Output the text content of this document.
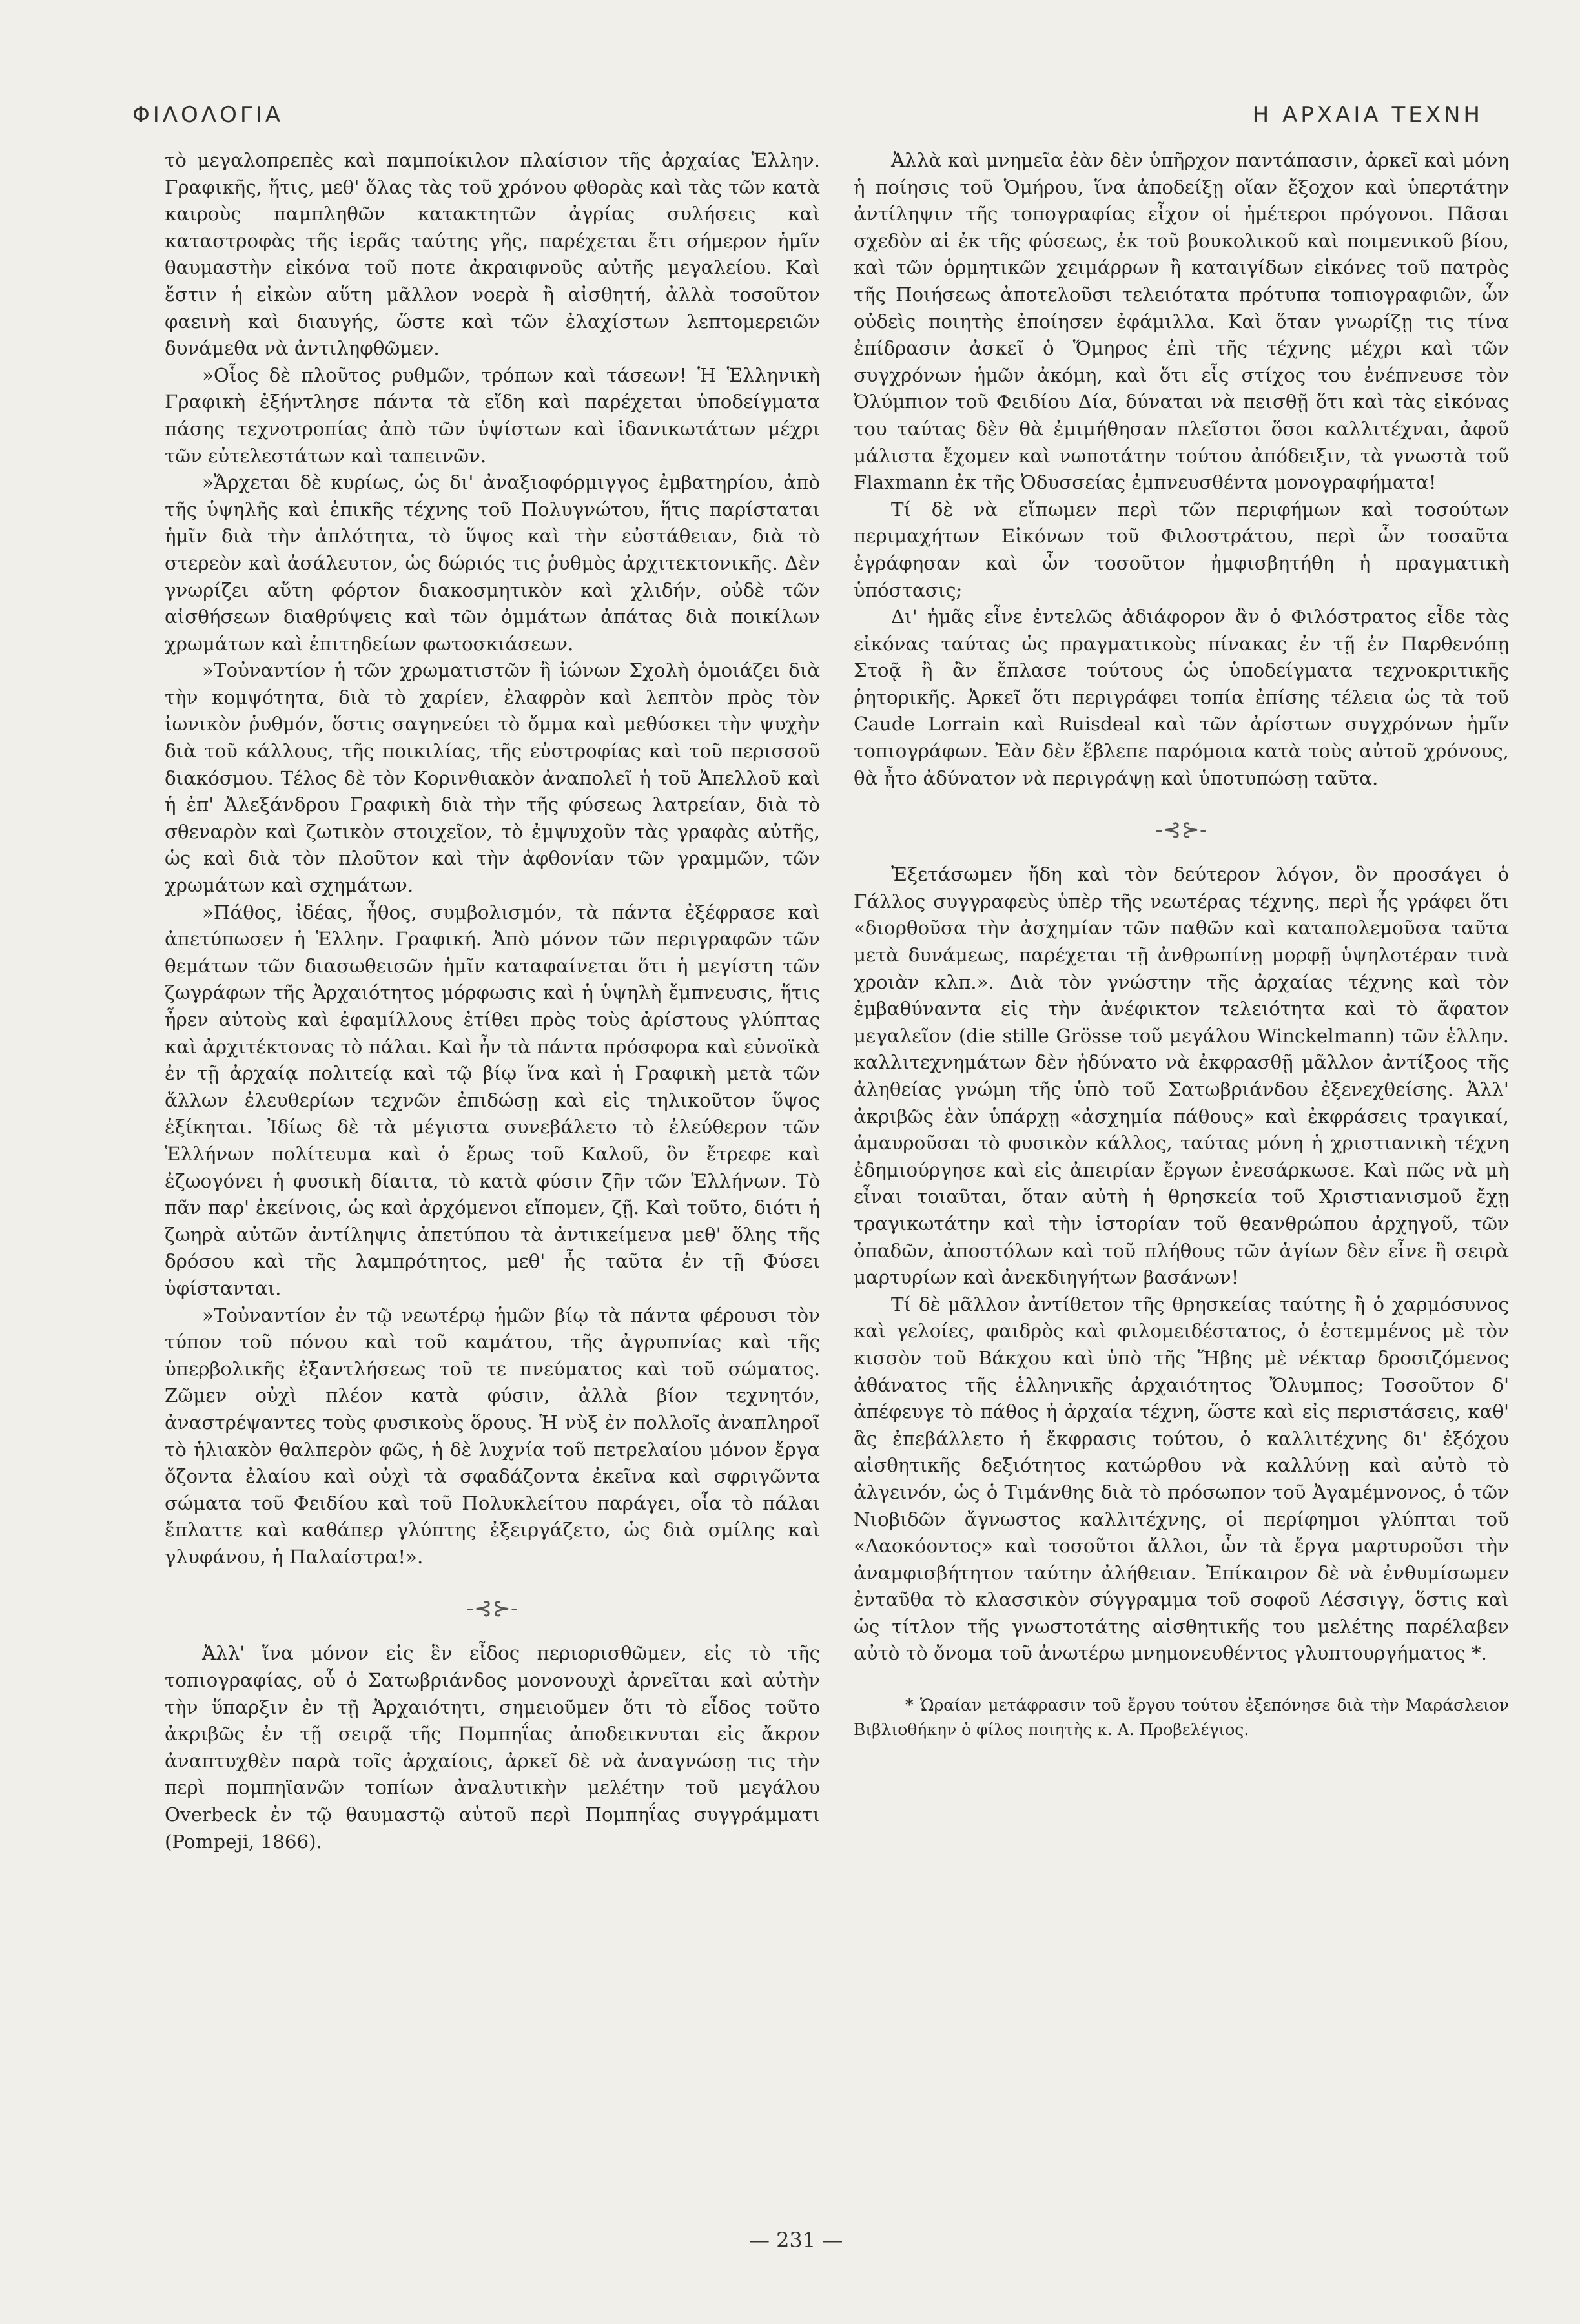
ΦΙΛΟΛΟΓΙΑ	Η ΑΡΧΑΙΑ ΤΕΧΝΗ

τὸ μεγαλοπρεπὲς καὶ παμποίκιλον πλαίσιον τῆς ἀρχαίας Ἑλλην. Γραφικῆς, ἥτις, μεθ' ὅλας τὰς τοῦ χρόνου φθορὰς καὶ τὰς τῶν κατὰ καιροὺς παμπληθῶν κατακτητῶν ἀγρίας συλήσεις καὶ καταστροφὰς τῆς ἱερᾶς ταύτης γῆς, παρέχεται ἔτι σήμερον ἡμῖν θαυμαστὴν εἰκόνα τοῦ ποτε ἀκραιφνοῦς αὐτῆς μεγαλείου. Καὶ ἔστιν ἡ εἰκὼν αὕτη μᾶλλον νοερὰ ἢ αἰσθητή, ἀλλὰ τοσοῦτον φαεινὴ καὶ διαυγής, ὥστε καὶ τῶν ἐλαχίστων λεπτομερειῶν δυνάμεθα νὰ ἀντιληφθῶμεν.

»Οἷος δὲ πλοῦτος ρυθμῶν, τρόπων καὶ τάσεων! Ἡ Ἑλληνικὴ Γραφικὴ ἐξήντλησε πάντα τὰ εἴδη καὶ παρέχεται ὑποδείγματα πάσης τεχνοτροπίας ἀπὸ τῶν ὑψίστων καὶ ἰδανικωτάτων μέχρι τῶν εὐτελεστάτων καὶ ταπεινῶν.

»Ἄρχεται δὲ κυρίως, ὡς δι' ἀναξιοφόρμιγγος ἐμβατηρίου, ἀπὸ τῆς ὑψηλῆς καὶ ἐπικῆς τέχνης τοῦ Πολυγνώτου, ἥτις παρίσταται ἡμῖν διὰ τὴν ἁπλότητα, τὸ ὕψος καὶ τὴν εὐστάθειαν, διὰ τὸ στερεὸν καὶ ἀσάλευτον, ὡς δώριός τις ῥυθμὸς ἀρχιτεκτονικῆς. Δὲν γνωρίζει αὕτη φόρτον διακοσμητικὸν καὶ χλιδήν, οὐδὲ τῶν αἰσθήσεων διαθρύψεις καὶ τῶν ὀμμάτων ἀπάτας διὰ ποικίλων χρωμάτων καὶ ἐπιτηδείων φωτοσκιάσεων.

»Τοὐναντίον ἡ τῶν χρωματιστῶν ἢ ἰώνων Σχολὴ ὁμοιάζει διὰ τὴν κομψότητα, διὰ τὸ χαρίεν, ἐλαφρὸν καὶ λεπτὸν πρὸς τὸν ἰωνικὸν ῥυθμόν, ὅστις σαγηνεύει τὸ ὄμμα καὶ μεθύσκει τὴν ψυχὴν διὰ τοῦ κάλλους, τῆς ποικιλίας, τῆς εὐστροφίας καὶ τοῦ περισσοῦ διακόσμου. Τέλος δὲ τὸν Κορινθιακὸν ἀναπολεῖ ἡ τοῦ Ἀπελλοῦ καὶ ἡ ἐπ' Ἀλεξάνδρου Γραφικὴ διὰ τὴν τῆς φύσεως λατρείαν, διὰ τὸ σθεναρὸν καὶ ζωτικὸν στοιχεῖον, τὸ ἐμψυχοῦν τὰς γραφὰς αὐτῆς, ὡς καὶ διὰ τὸν πλοῦτον καὶ τὴν ἀφθονίαν τῶν γραμμῶν, τῶν χρωμάτων καὶ σχημάτων.

»Πάθος, ἰδέας, ἦθος, συμβολισμόν, τὰ πάντα ἐξέφρασε καὶ ἀπετύπωσεν ἡ Ἑλλην. Γραφική. Ἀπὸ μόνον τῶν περιγραφῶν τῶν θεμάτων τῶν διασωθεισῶν ἡμῖν καταφαίνεται ὅτι ἡ μεγίστη τῶν ζωγράφων τῆς Ἀρχαιότητος μόρφωσις καὶ ἡ ὑψηλὴ ἔμπνευσις, ἥτις ἦρεν αὐτοὺς καὶ ἐφαμίλλους ἐτίθει πρὸς τοὺς ἀρίστους γλύπτας καὶ ἀρχιτέκτονας τὸ πάλαι. Καὶ ἦν τὰ πάντα πρόσφορα καὶ εὐνοϊκὰ ἐν τῇ ἀρχαίᾳ πολιτείᾳ καὶ τῷ βίῳ ἵνα καὶ ἡ Γραφικὴ μετὰ τῶν ἄλλων ἐλευθερίων τεχνῶν ἐπιδώσῃ καὶ εἰς τηλικοῦτον ὕψος ἐξίκηται. Ἰδίως δὲ τὰ μέγιστα συνεβάλετο τὸ ἐλεύθερον τῶν Ἑλλήνων πολίτευμα καὶ ὁ ἔρως τοῦ Καλοῦ, ὃν ἔτρεφε καὶ ἐζωογόνει ἡ φυσικὴ δίαιτα, τὸ κατὰ φύσιν ζῆν τῶν Ἑλλήνων. Τὸ πᾶν παρ' ἐκείνοις, ὡς καὶ ἀρχόμενοι εἴπομεν, ζῇ. Καὶ τοῦτο, διότι ἡ ζωηρὰ αὐτῶν ἀντίληψις ἀπετύπου τὰ ἀντικείμενα μεθ' ὅλης τῆς δρόσου καὶ τῆς λαμπρότητος, μεθ' ἧς ταῦτα ἐν τῇ Φύσει ὑφίστανται.

»Τοὐναντίον ἐν τῷ νεωτέρῳ ἡμῶν βίῳ τὰ πάντα φέρουσι τὸν τύπον τοῦ πόνου καὶ τοῦ καμάτου, τῆς ἀγρυπνίας καὶ τῆς ὑπερβολικῆς ἐξαντλήσεως τοῦ τε πνεύματος καὶ τοῦ σώματος. Ζῶμεν οὐχὶ πλέον κατὰ φύσιν, ἀλλὰ βίον τεχνητόν, ἀναστρέψαντες τοὺς φυσικοὺς ὅρους. Ἡ νὺξ ἐν πολλοῖς ἀναπληροῖ τὸ ἡλιακὸν θαλπερὸν φῶς, ἡ δὲ λυχνία τοῦ πετρελαίου μόνον ἔργα ὄζοντα ἐλαίου καὶ οὐχὶ τὰ σφαδάζοντα ἐκεῖνα καὶ σφριγῶντα σώματα τοῦ Φειδίου καὶ τοῦ Πολυκλείτου παράγει, οἷα τὸ πάλαι ἔπλαττε καὶ καθάπερ γλύπτης ἐξειργάζετο, ὡς διὰ σμίλης καὶ γλυφάνου, ἡ Παλαίστρα!».

-⊰⊱-

Ἀλλ' ἵνα μόνον εἰς ἓν εἶδος περιορισθῶμεν, εἰς τὸ τῆς τοπιογραφίας, οὗ ὁ Σατωβριάνδος μονονουχὶ ἀρνεῖται καὶ αὐτὴν τὴν ὕπαρξιν ἐν τῇ Ἀρχαιότητι, σημειοῦμεν ὅτι τὸ εἶδος τοῦτο ἀκριβῶς ἐν τῇ σειρᾷ τῆς Πομπηΐας ἀποδεικνυται εἰς ἄκρον ἀναπτυχθὲν παρὰ τοῖς ἀρχαίοις, ἀρκεῖ δὲ νὰ ἀναγνώσῃ τις τὴν περὶ πομπηϊανῶν τοπίων ἀναλυτικὴν μελέτην τοῦ μεγάλου Overbeck ἐν τῷ θαυμαστῷ αὐτοῦ περὶ Πομπηΐας συγγράμματι (Pompeji, 1866).

Ἀλλὰ καὶ μνημεῖα ἐὰν δὲν ὑπῆρχον παντάπασιν, ἀρκεῖ καὶ μόνη ἡ ποίησις τοῦ Ὁμήρου, ἵνα ἀποδείξῃ οἵαν ἔξοχον καὶ ὑπερτάτην ἀντίληψιν τῆς τοπογραφίας εἶχον οἱ ἡμέτεροι πρόγονοι. Πᾶσαι σχεδὸν αἱ ἐκ τῆς φύσεως, ἐκ τοῦ βουκολικοῦ καὶ ποιμενικοῦ βίου, καὶ τῶν ὁρμητικῶν χειμάρρων ἢ καταιγίδων εἰκόνες τοῦ πατρὸς τῆς Ποιήσεως ἀποτελοῦσι τελειότατα πρότυπα τοπιογραφιῶν, ὧν οὐδεὶς ποιητὴς ἐποίησεν ἐφάμιλλα. Καὶ ὅταν γνωρίζῃ τις τίνα ἐπίδρασιν ἀσκεῖ ὁ Ὅμηρος ἐπὶ τῆς τέχνης μέχρι καὶ τῶν συγχρόνων ἡμῶν ἀκόμη, καὶ ὅτι εἷς στίχος του ἐνέπνευσε τὸν Ὀλύμπιον τοῦ Φειδίου Δία, δύναται νὰ πεισθῇ ὅτι καὶ τὰς εἰκόνας του ταύτας δὲν θὰ ἐμιμήθησαν πλεῖστοι ὅσοι καλλιτέχναι, ἀφοῦ μάλιστα ἔχομεν καὶ νωποτάτην τούτου ἀπόδειξιν, τὰ γνωστὰ τοῦ Flaxmann ἐκ τῆς Ὀδυσσείας ἐμπνευσθέντα μονογραφήματα!

Τί δὲ νὰ εἴπωμεν περὶ τῶν περιφήμων καὶ τοσούτων περιμαχήτων Εἰκόνων τοῦ Φιλοστράτου, περὶ ὧν τοσαῦτα ἐγράφησαν καὶ ὧν τοσοῦτον ἠμφισβητήθη ἡ πραγματικὴ ὑπόστασις;

Δι' ἡμᾶς εἶνε ἐντελῶς ἀδιάφορον ἂν ὁ Φιλόστρατος εἶδε τὰς εἰκόνας ταύτας ὡς πραγματικοὺς πίνακας ἐν τῇ ἐν Παρθενόπῃ Στοᾷ ἢ ἂν ἔπλασε τούτους ὡς ὑποδείγματα τεχνοκριτικῆς ῥητορικῆς. Ἀρκεῖ ὅτι περιγράφει τοπία ἐπίσης τέλεια ὡς τὰ τοῦ Caude Lorrain καὶ Ruisdeal καὶ τῶν ἀρίστων συγχρόνων ἡμῖν τοπιογράφων. Ἐὰν δὲν ἔβλεπε παρόμοια κατὰ τοὺς αὐτοῦ χρόνους, θὰ ἦτο ἀδύνατον νὰ περιγράψῃ καὶ ὑποτυπώσῃ ταῦτα.

-⊰⊱-

Ἐξετάσωμεν ἤδη καὶ τὸν δεύτερον λόγον, ὃν προσάγει ὁ Γάλλος συγγραφεὺς ὑπὲρ τῆς νεωτέρας τέχνης, περὶ ἧς γράφει ὅτι «διορθοῦσα τὴν ἀσχημίαν τῶν παθῶν καὶ καταπολεμοῦσα ταῦτα μετὰ δυνάμεως, παρέχεται τῇ ἀνθρωπίνῃ μορφῇ ὑψηλοτέραν τινὰ χροιὰν κλπ.». Διὰ τὸν γνώστην τῆς ἀρχαίας τέχνης καὶ τὸν ἐμβαθύναντα εἰς τὴν ἀνέφικτον τελειότητα καὶ τὸ ἄφατον μεγαλεῖον (die stille Grösse τοῦ μεγάλου Winckelmann) τῶν ἑλλην. καλλιτεχνημάτων δὲν ἠδύνατο νὰ ἐκφρασθῇ μᾶλλον ἀντίξοος τῆς ἀληθείας γνώμη τῆς ὑπὸ τοῦ Σατωβριάνδου ἐξενεχθείσης. Ἀλλ' ἀκριβῶς ἐὰν ὑπάρχῃ «ἀσχημία πάθους» καὶ ἐκφράσεις τραγικαί, ἀμαυροῦσαι τὸ φυσικὸν κάλλος, ταύτας μόνη ἡ χριστιανικὴ τέχνη ἐδημιούργησε καὶ εἰς ἀπειρίαν ἔργων ἐνεσάρκωσε. Καὶ πῶς νὰ μὴ εἶναι τοιαῦται, ὅταν αὐτὴ ἡ θρησκεία τοῦ Χριστιανισμοῦ ἔχῃ τραγικωτάτην καὶ τὴν ἱστορίαν τοῦ θεανθρώπου ἀρχηγοῦ, τῶν ὀπαδῶν, ἀποστόλων καὶ τοῦ πλήθους τῶν ἁγίων δὲν εἶνε ἢ σειρὰ μαρτυρίων καὶ ἀνεκδιηγήτων βασάνων!

Τί δὲ μᾶλλον ἀντίθετον τῆς θρησκείας ταύτης ἢ ὁ χαρμόσυνος καὶ γελοίες, φαιδρὸς καὶ φιλομειδέστατος, ὁ ἐστεμμένος μὲ τὸν κισσὸν τοῦ Βάκχου καὶ ὑπὸ τῆς Ἥβης μὲ νέκταρ δροσιζόμενος ἀθάνατος τῆς ἑλληνικῆς ἀρχαιότητος Ὄλυμπος; Τοσοῦτον δ' ἀπέφευγε τὸ πάθος ἡ ἀρχαία τέχνη, ὥστε καὶ εἰς περιστάσεις, καθ' ἃς ἐπεβάλλετο ἡ ἔκφρασις τούτου, ὁ καλλιτέχνης δι' ἐξόχου αἰσθητικῆς δεξιότητος κατώρθου νὰ καλλύνῃ καὶ αὐτὸ τὸ ἀλγεινόν, ὡς ὁ Τιμάνθης διὰ τὸ πρόσωπον τοῦ Ἀγαμέμνονος, ὁ τῶν Νιοβιδῶν ἄγνωστος καλλιτέχνης, οἱ περίφημοι γλύπται τοῦ «Λαοκόοντος» καὶ τοσοῦτοι ἄλλοι, ὧν τὰ ἔργα μαρτυροῦσι τὴν ἀναμφισβήτητον ταύτην ἀλήθειαν. Ἐπίκαιρον δὲ νὰ ἐνθυμίσωμεν ἐνταῦθα τὸ κλασσικὸν σύγγραμμα τοῦ σοφοῦ Λέσσιγγ, ὅστις καὶ ὡς τίτλον τῆς γνωστοτάτης αἰσθητικῆς του μελέτης παρέλαβεν αὐτὸ τὸ ὄνομα τοῦ ἀνωτέρω μνημονευθέντος γλυπτουργήματος *.

* Ὡραίαν μετάφρασιν τοῦ ἔργου τούτου ἐξεπόνησε διὰ τὴν Μαράσλειον Βιβλιοθήκην ὁ φίλος ποιητὴς κ. Α. Προβελέγιος.
— 231 —
